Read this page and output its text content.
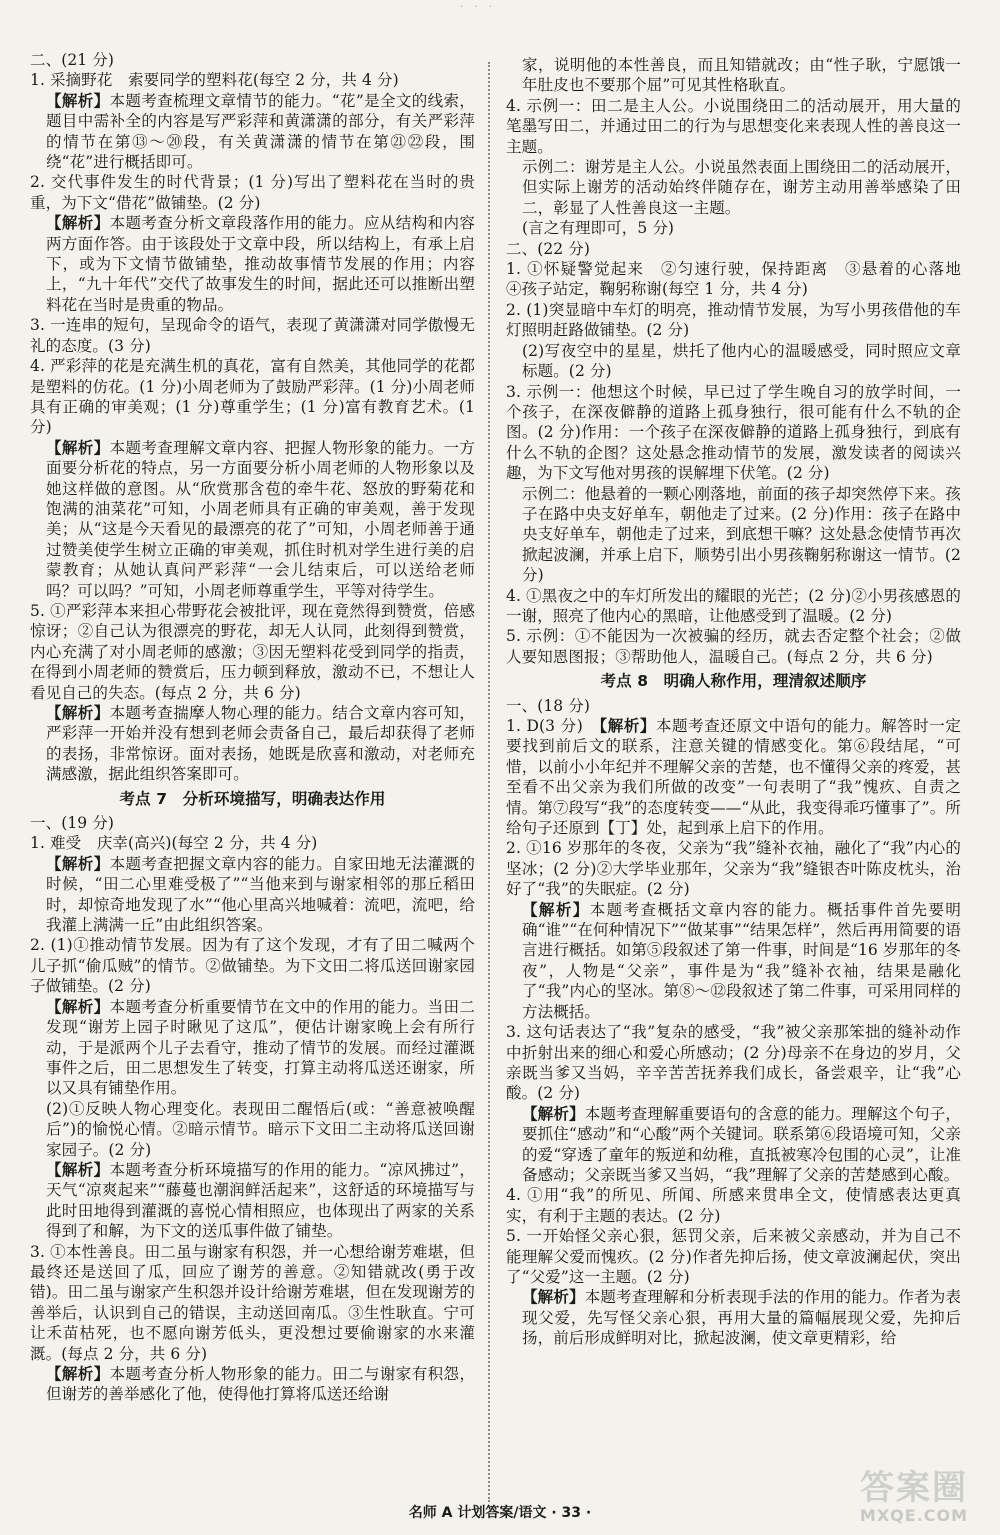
· · ·

二、(21 分)

1. 采摘野花　索要同学的塑料花(每空 2 分，共 4 分)

【解析】本题考查梳理文章情节的能力。“花”是全文的线索，题目中需补全的内容是写严彩萍和黄潇潇的部分，有关严彩萍的情节在第⑬～⑳段，有关黄潇潇的情节在第㉑㉒段，围绕“花”进行概括即可。

2. 交代事件发生的时代背景；(1 分)写出了塑料花在当时的贵重，为下文“借花”做铺垫。(2 分)

【解析】本题考查分析文章段落作用的能力。应从结构和内容两方面作答。由于该段处于文章中段，所以结构上，有承上启下，或为下文情节做铺垫，推动故事情节发展的作用；内容上，“九十年代”交代了故事发生的时间，据此还可以推断出塑料花在当时是贵重的物品。

3. 一连串的短句，呈现命令的语气，表现了黄潇潇对同学傲慢无礼的态度。(3 分)

4. 严彩萍的花是充满生机的真花，富有自然美，其他同学的花都是塑料的仿花。(1 分)小周老师为了鼓励严彩萍。(1 分)小周老师具有正确的审美观；(1 分)尊重学生；(1 分)富有教育艺术。(1 分)

【解析】本题考查理解文章内容、把握人物形象的能力。一方面要分析花的特点，另一方面要分析小周老师的人物形象以及她这样做的意图。从“欣赏那含苞的牵牛花、怒放的野菊花和饱满的油菜花”可知，小周老师具有正确的审美观，善于发现美；从“这是今天看见的最漂亮的花了”可知，小周老师善于通过赞美使学生树立正确的审美观，抓住时机对学生进行美的启蒙教育；从她认真问严彩萍“一会儿结束后，可以送给老师吗？可以吗？”可知，小周老师尊重学生，平等对待学生。

5. ①严彩萍本来担心带野花会被批评，现在竟然得到赞赏，倍感惊讶；②自己认为很漂亮的野花，却无人认同，此刻得到赞赏，内心充满了对小周老师的感激；③因无塑料花受到同学的指责，在得到小周老师的赞赏后，压力顿到释放，激动不已，不想让人看见自己的失态。(每点 2 分，共 6 分)

【解析】本题考查揣摩人物心理的能力。结合文章内容可知，严彩萍一开始并没有想到老师会责备自己，最后却获得了老师的表扬，非常惊讶。面对表扬，她既是欣喜和激动，对老师充满感激，据此组织答案即可。

考点 7　分析环境描写，明确表达作用

一、(19 分)

1. 难受　庆幸(高兴)(每空 2 分，共 4 分)

【解析】本题考查把握文章内容的能力。自家田地无法灌溉的时候，“田二心里难受极了”“当他来到与谢家相邻的那丘稻田时，却惊奇地发现了水”“他心里高兴地喊着：流吧，流吧，给我灌上满满一丘”由此组织答案。

2. (1)①推动情节发展。因为有了这个发现，才有了田二喊两个儿子抓“偷瓜贼”的情节。②做铺垫。为下文田二将瓜送回谢家园子做铺垫。(2 分)

【解析】本题考查分析重要情节在文中的作用的能力。当田二发现“谢芳上园子时瞅见了这瓜”，便估计谢家晚上会有所行动，于是派两个儿子去看守，推动了情节的发展。而经过灌溉事件之后，田二思想发生了转变，打算主动将瓜送还谢家，所以又具有铺垫作用。

(2)①反映人物心理变化。表现田二醒悟后(或：“善意被唤醒后”)的愉悦心情。②暗示情节。暗示下文田二主动将瓜送回谢家园子。(2 分)

【解析】本题考查分析环境描写的作用的能力。“凉风拂过”，天气“凉爽起来”“藤蔓也潮润鲜活起来”，这舒适的环境描写与此时田地得到灌溉的喜悦心情相照应，也体现出了两家的关系得到了和解，为下文的送瓜事件做了铺垫。

3. ①本性善良。田二虽与谢家有积怨，并一心想给谢芳难堪，但最终还是送回了瓜，回应了谢芳的善意。②知错就改(勇于改错)。田二虽与谢家产生积怨并设计给谢芳难堪，但在发现谢芳的善举后，认识到自己的错误，主动送回南瓜。③生性耿直。宁可让禾苗枯死，也不愿向谢芳低头，更没想过要偷谢家的水来灌溉。(每点 2 分，共 6 分)

【解析】本题考查分析人物形象的能力。田二与谢家有积怨，但谢芳的善举感化了他，使得他打算将瓜送还给谢

家，说明他的本性善良，而且知错就改；由“性子耿，宁愿饿一年肚皮也不要那个屈”可见其性格耿直。

4. 示例一：田二是主人公。小说围绕田二的活动展开，用大量的笔墨写田二，并通过田二的行为与思想变化来表现人性的善良这一主题。

示例二：谢芳是主人公。小说虽然表面上围绕田二的活动展开，但实际上谢芳的活动始终伴随存在，谢芳主动用善举感染了田二，彰显了人性善良这一主题。

(言之有理即可，5 分)

二、(22 分)

1. ①怀疑警觉起来　②匀速行驶，保持距离　③悬着的心落地　④孩子站定，鞠躬称谢(每空 1 分，共 4 分)

2. (1)突显暗中车灯的明亮，推动情节发展，为写小男孩借他的车灯照明赶路做铺垫。(2 分)

(2)写夜空中的星星，烘托了他内心的温暖感受，同时照应文章标题。(2 分)

3. 示例一：他想这个时候，早已过了学生晚自习的放学时间，一个孩子，在深夜僻静的道路上孤身独行，很可能有什么不轨的企图。(2 分)作用：一个孩子在深夜僻静的道路上孤身独行，到底有什么不轨的企图？这处悬念推动情节的发展，激发读者的阅读兴趣，为下文写他对男孩的误解埋下伏笔。(2 分)

示例二：他悬着的一颗心刚落地，前面的孩子却突然停下来。孩子在路中央支好单车，朝他走了过来。(2 分)作用：孩子在路中央支好单车，朝他走了过来，到底想干嘛？这处悬念使情节再次掀起波澜，并承上启下，顺势引出小男孩鞠躬称谢这一情节。(2 分)

4. ①黑夜之中的车灯所发出的耀眼的光芒；(2 分)②小男孩感恩的一谢，照亮了他内心的黑暗，让他感受到了温暖。(2 分)

5. 示例：①不能因为一次被骗的经历，就去否定整个社会；②做人要知恩图报；③帮助他人，温暖自己。(每点 2 分，共 6 分)

考点 8　明确人称作用，理清叙述顺序

一、(18 分)

1. D(3 分)　 【解析】本题考查还原文中语句的能力。解答时一定要找到前后文的联系，注意关键的情感变化。第⑥段结尾，“可惜，以前小小年纪并不理解父亲的苦楚，也不懂得父亲的疼爱，甚至看不出父亲为我们所做的改变”一句表明了“我”愧疚、自责之情。第⑦段写“我”的态度转变——“从此，我变得乖巧懂事了”。所给句子还原到【丁】处，起到承上启下的作用。

2. ①16 岁那年的冬夜，父亲为“我”缝补衣袖，融化了“我”内心的坚冰；(2 分)②大学毕业那年，父亲为“我”缝银杏叶陈皮枕头，治好了“我”的失眠症。(2 分)

【解析】本题考查概括文章内容的能力。概括事件首先要明确“谁”“在何种情况下”“做某事”“结果怎样”，然后再用简要的语言进行概括。如第⑤段叙述了第一件事，时间是“16 岁那年的冬夜”，人物是“父亲”，事件是为“我”缝补衣袖，结果是融化了“我”内心的坚冰。第⑧～⑫段叙述了第二件事，可采用同样的方法概括。

3. 这句话表达了“我”复杂的感受，“我”被父亲那笨拙的缝补动作中折射出来的细心和爱心所感动；(2 分)母亲不在身边的岁月，父亲既当爹又当妈，辛辛苦苦抚养我们成长，备尝艰辛，让“我”心酸。(2 分)

【解析】本题考查理解重要语句的含意的能力。理解这个句子，要抓住“感动”和“心酸”两个关键词。联系第⑥段语境可知，父亲的爱“穿透了童年的叛逆和幼稚，直抵被寒冷包围的心灵”，让准备感动；父亲既当爹又当妈，“我”理解了父亲的苦楚感到心酸。

4. ①用“我”的所见、所闻、所感来贯串全文，使情感表达更真实，有利于主题的表达。(2 分)

5. 一开始怪父亲心狠，惩罚父亲，后来被父亲感动，并为自己不能理解父爱而愧疚。(2 分)作者先抑后扬，使文章波澜起伏，突出了“父爱”这一主题。(2 分)

【解析】本题考查理解和分析表现手法的作用的能力。作者为表现父爱，先写怪父亲心狠，再用大量的篇幅展现父爱，先抑后扬，前后形成鲜明对比，掀起波澜，使文章更精彩，给

名师 A 计划答案/语文 · 33 ·
答案圈
MXQE.COM
